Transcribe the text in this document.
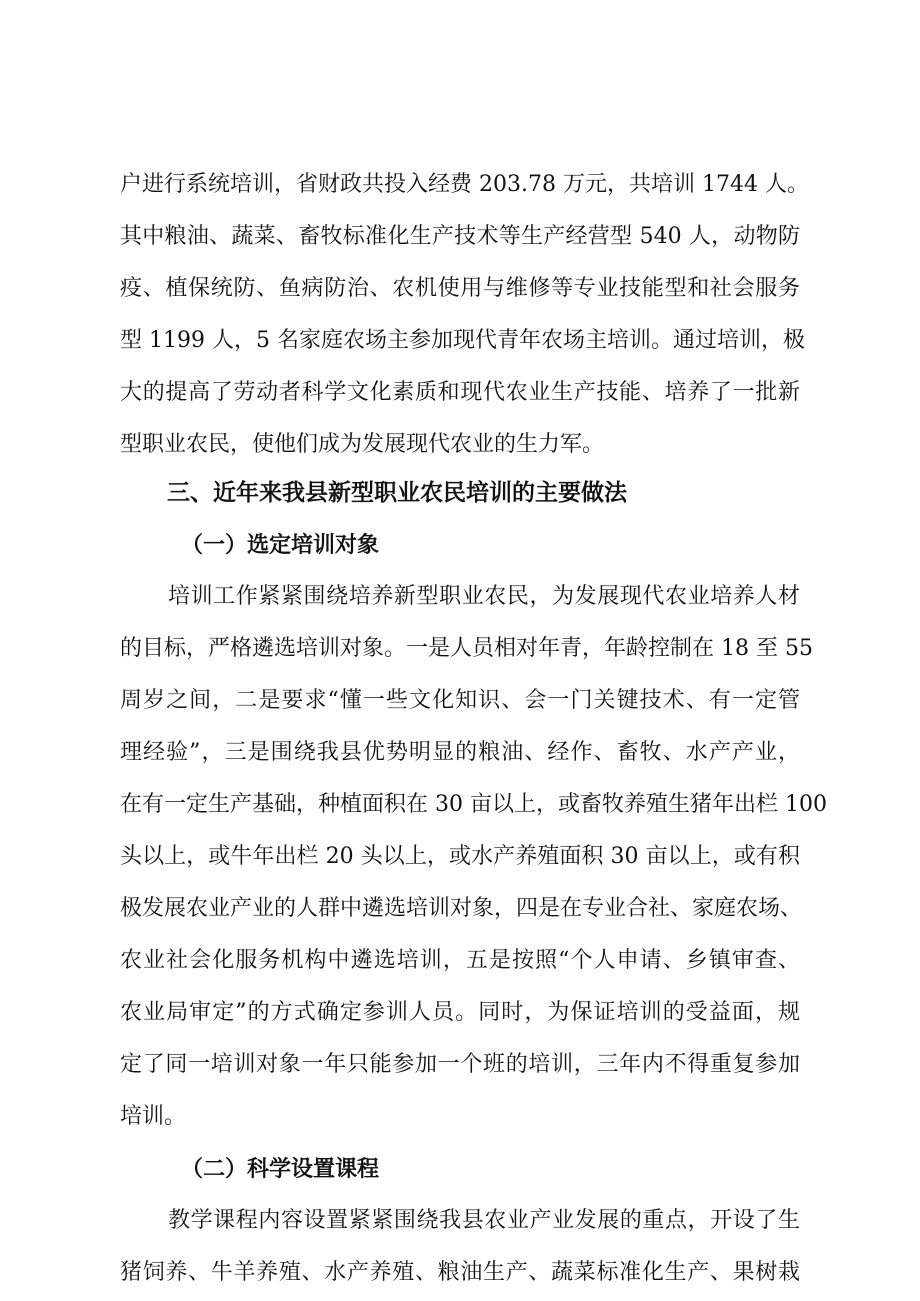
户进行系统培训，省财政共投入经费 203.78 万元，共培训 1744 人。

其中粮油、蔬菜、畜牧标准化生产技术等生产经营型 540 人，动物防

疫、植保统防、鱼病防治、农机使用与维修等专业技能型和社会服务

型 1199 人，5 名家庭农场主参加现代青年农场主培训。通过培训，极

大的提高了劳动者科学文化素质和现代农业生产技能、培养了一批新

型职业农民，使他们成为发展现代农业的生力军。

三、近年来我县新型职业农民培训的主要做法
（一）选定培训对象

培训工作紧紧围绕培养新型职业农民，为发展现代农业培养人材

的目标，严格遴选培训对象。一是人员相对年青，年龄控制在 18 至 55

周岁之间，二是要求“懂一些文化知识、会一门关键技术、有一定管

理经验”，三是围绕我县优势明显的粮油、经作、畜牧、水产产业，

在有一定生产基础，种植面积在 30 亩以上，或畜牧养殖生猪年出栏 100

头以上，或牛年出栏 20 头以上，或水产养殖面积 30 亩以上，或有积

极发展农业产业的人群中遴选培训对象，四是在专业合社、家庭农场、

农业社会化服务机构中遴选培训，五是按照“个人申请、乡镇审查、

农业局审定”的方式确定参训人员。同时，为保证培训的受益面，规

定了同一培训对象一年只能参加一个班的培训，三年内不得重复参加

培训。

（二）科学设置课程

教学课程内容设置紧紧围绕我县农业产业发展的重点，开设了生

猪饲养、牛羊养殖、水产养殖、粮油生产、蔬菜标准化生产、果树栽
